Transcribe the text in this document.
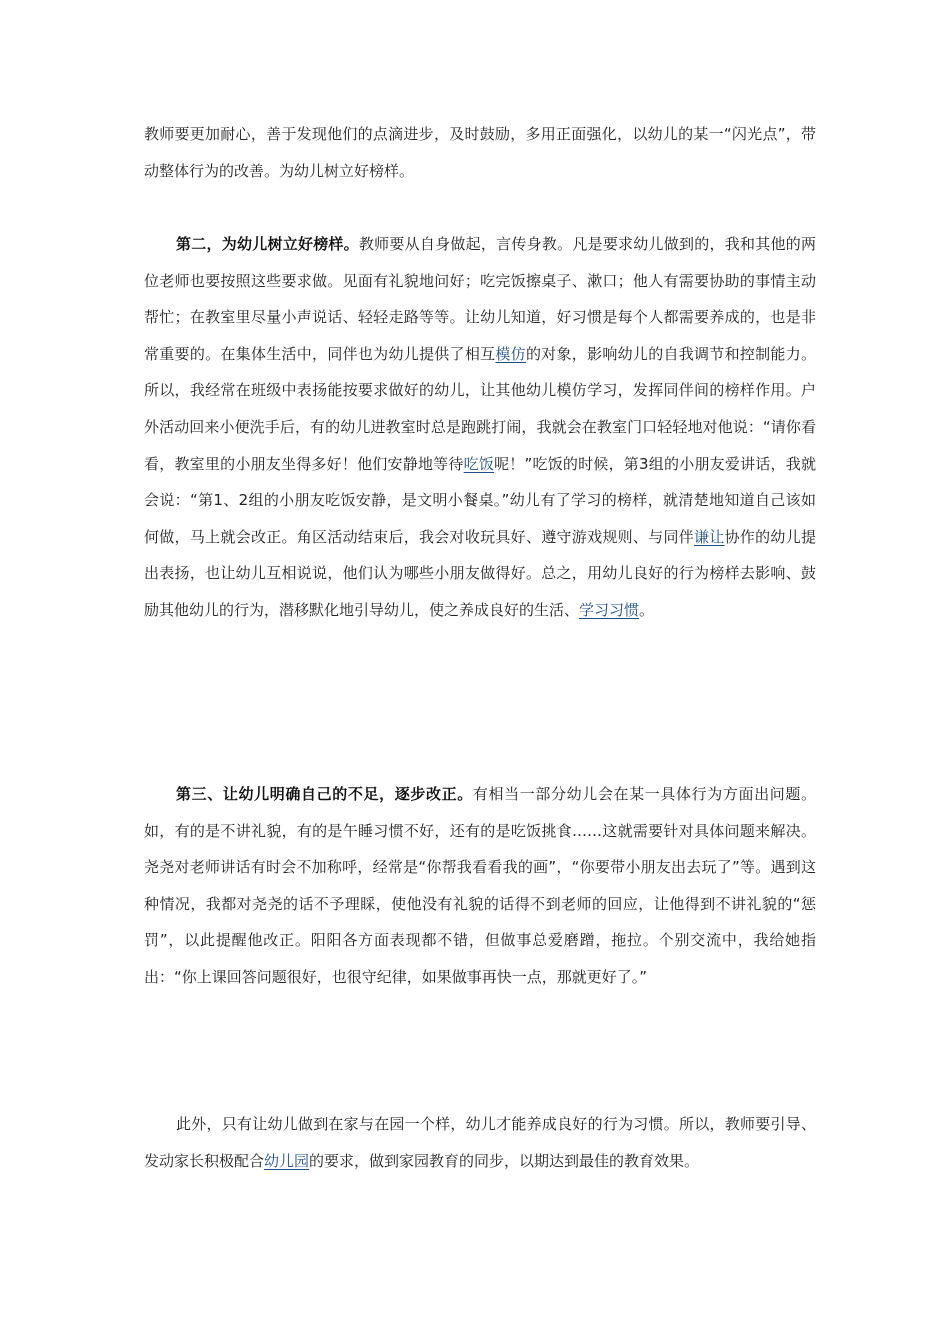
教师要更加耐心，善于发现他们的点滴进步，及时鼓励，多用正面强化，以幼儿的某一“闪光点”，带动整体行为的改善。为幼儿树立好榜样。

第二，为幼儿树立好榜样。教师要从自身做起，言传身教。凡是要求幼儿做到的，我和其他的两位老师也要按照这些要求做。见面有礼貌地问好；吃完饭擦桌子、漱口；他人有需要协助的事情主动帮忙；在教室里尽量小声说话、轻轻走路等等。让幼儿知道，好习惯是每个人都需要养成的，也是非常重要的。在集体生活中，同伴也为幼儿提供了相互模仿的对象，影响幼儿的自我调节和控制能力。所以，我经常在班级中表扬能按要求做好的幼儿，让其他幼儿模仿学习，发挥同伴间的榜样作用。户外活动回来小便洗手后，有的幼儿进教室时总是跑跳打闹，我就会在教室门口轻轻地对他说：“请你看看，教室里的小朋友坐得多好！他们安静地等待吃饭呢！”吃饭的时候，第3组的小朋友爱讲话，我就会说：“第1、2组的小朋友吃饭安静，是文明小餐桌。”幼儿有了学习的榜样，就清楚地知道自己该如何做，马上就会改正。角区活动结束后，我会对收玩具好、遵守游戏规则、与同伴谦让协作的幼儿提出表扬，也让幼儿互相说说，他们认为哪些小朋友做得好。总之，用幼儿良好的行为榜样去影响、鼓励其他幼儿的行为，潜移默化地引导幼儿，使之养成良好的生活、学习习惯。

第三、让幼儿明确自己的不足，逐步改正。有相当一部分幼儿会在某一具体行为方面出问题。如，有的是不讲礼貌，有的是午睡习惯不好，还有的是吃饭挑食……这就需要针对具体问题来解决。尧尧对老师讲话有时会不加称呼，经常是“你帮我看看我的画”，“你要带小朋友出去玩了”等。遇到这种情况，我都对尧尧的话不予理睬，使他没有礼貌的话得不到老师的回应，让他得到不讲礼貌的“惩罚”，以此提醒他改正。阳阳各方面表现都不错，但做事总爱磨蹭，拖拉。个别交流中，我给她指出：“你上课回答问题很好，也很守纪律，如果做事再快一点，那就更好了。”

此外，只有让幼儿做到在家与在园一个样，幼儿才能养成良好的行为习惯。所以，教师要引导、发动家长积极配合幼儿园的要求，做到家园教育的同步，以期达到最佳的教育效果。
